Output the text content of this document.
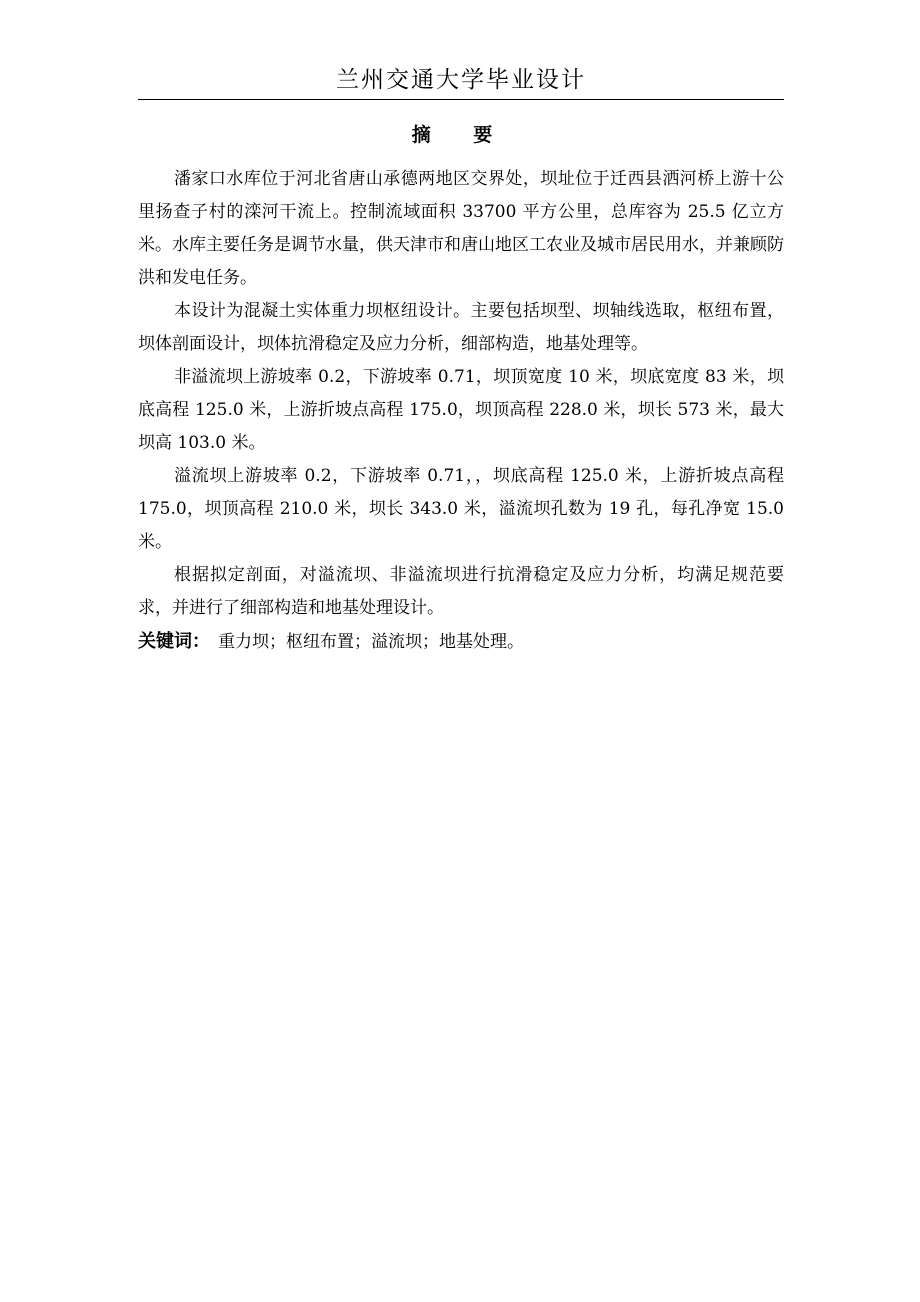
兰州交通大学毕业设计
摘 要

潘家口水库位于河北省唐山承德两地区交界处，坝址位于迁西县洒河桥上游十公里扬查子村的滦河干流上。控制流域面积 33700 平方公里，总库容为 25.5 亿立方米。水库主要任务是调节水量，供天津市和唐山地区工农业及城市居民用水，并兼顾防洪和发电任务。

本设计为混凝土实体重力坝枢纽设计。主要包括坝型、坝轴线选取，枢纽布置，坝体剖面设计，坝体抗滑稳定及应力分析，细部构造，地基处理等。

非溢流坝上游坡率 0.2，下游坡率 0.71，坝顶宽度 10 米，坝底宽度 83 米，坝底高程 125.0 米，上游折坡点高程 175.0，坝顶高程 228.0 米，坝长 573 米，最大坝高 103.0 米。

溢流坝上游坡率 0.2，下游坡率 0.71，，坝底高程 125.0 米，上游折坡点高程 175.0，坝顶高程 210.0 米，坝长 343.0 米，溢流坝孔数为 19 孔，每孔净宽 15.0 米。

根据拟定剖面，对溢流坝、非溢流坝进行抗滑稳定及应力分析，均满足规范要求，并进行了细部构造和地基处理设计。

关键词： 重力坝；枢纽布置；溢流坝；地基处理。
